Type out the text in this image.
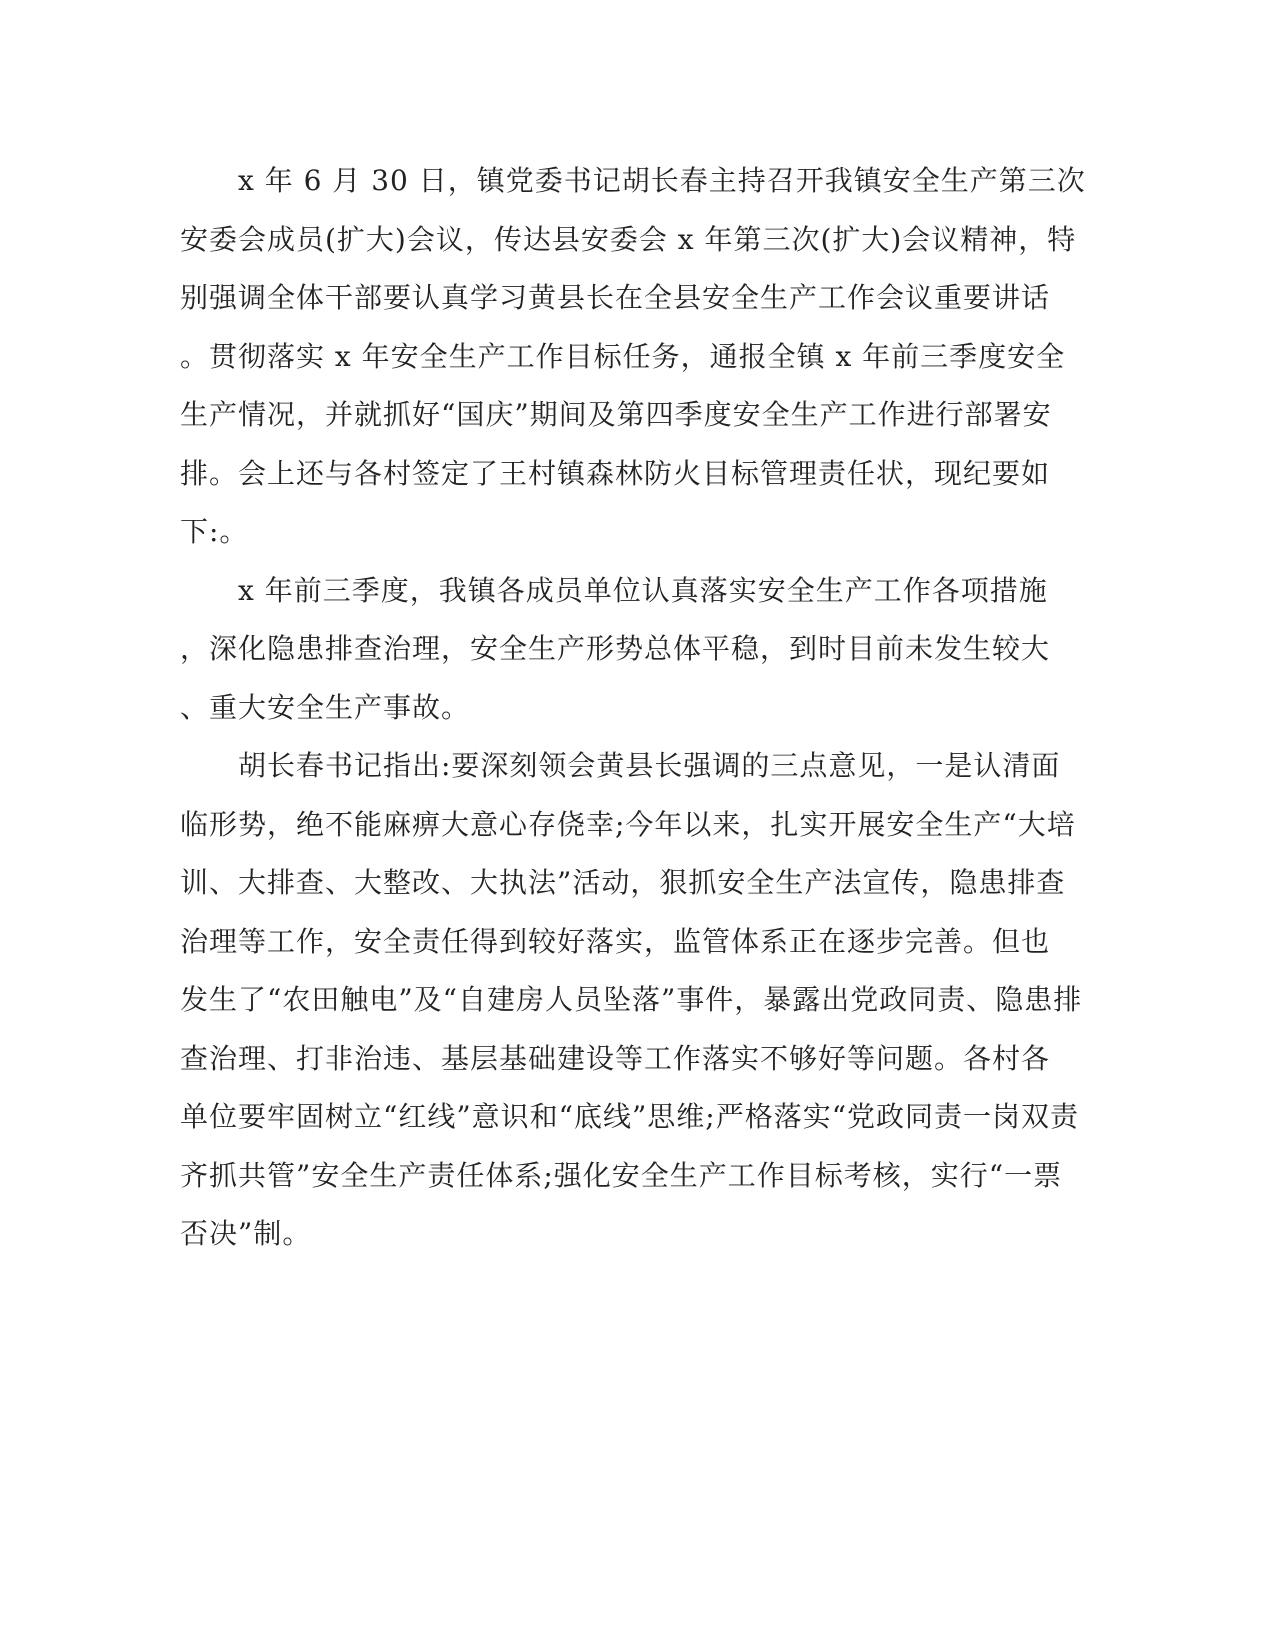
　　x 年 6 月 30 日，镇党委书记胡长春主持召开我镇安全生产第三次
安委会成员(扩大)会议，传达县安委会 x 年第三次(扩大)会议精神，特
别强调全体干部要认真学习黄县长在全县安全生产工作会议重要讲话
。贯彻落实 x 年安全生产工作目标任务，通报全镇 x 年前三季度安全
生产情况，并就抓好“国庆”期间及第四季度安全生产工作进行部署安
排。会上还与各村签定了王村镇森林防火目标管理责任状，现纪要如
下:。
　　x 年前三季度，我镇各成员单位认真落实安全生产工作各项措施
，深化隐患排查治理，安全生产形势总体平稳，到时目前未发生较大
、重大安全生产事故。
　　胡长春书记指出:要深刻领会黄县长强调的三点意见，一是认清面
临形势，绝不能麻痹大意心存侥幸;今年以来，扎实开展安全生产“大培
训、大排查、大整改、大执法”活动，狠抓安全生产法宣传，隐患排查
治理等工作，安全责任得到较好落实，监管体系正在逐步完善。但也
发生了“农田触电”及“自建房人员坠落”事件，暴露出党政同责、隐患排
查治理、打非治违、基层基础建设等工作落实不够好等问题。各村各
单位要牢固树立“红线”意识和“底线”思维;严格落实“党政同责一岗双责
齐抓共管”安全生产责任体系;强化安全生产工作目标考核，实行“一票
否决”制。
